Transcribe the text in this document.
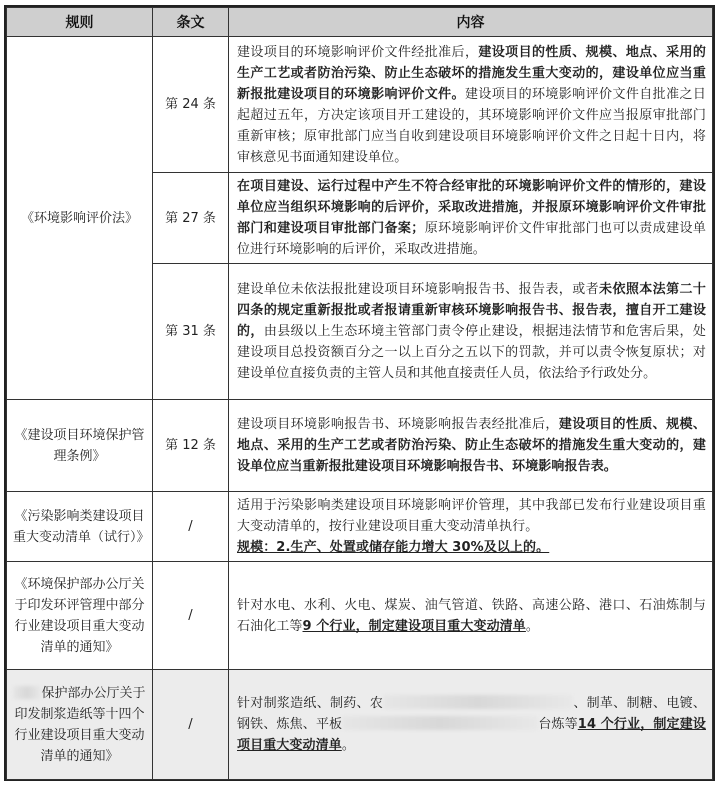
规则	条文	内容
《环境影响评价法》	第 24 条	建设项目的环境影响评价文件经批准后，建设项目的性质、规模、地点、采用的生产工艺或者防治污染、防止生态破坏的措施发生重大变动的，建设单位应当重新报批建设项目的环境影响评价文件。建设项目的环境影响评价文件自批准之日起超过五年，方决定该项目开工建设的，其环境影响评价文件应当报原审批部门重新审核；原审批部门应当自收到建设项目环境影响评价文件之日起十日内，将审核意见书面通知建设单位。
	第 27 条	在项目建设、运行过程中产生不符合经审批的环境影响评价文件的情形的，建设单位应当组织环境影响的后评价，采取改进措施，并报原环境影响评价文件审批部门和建设项目审批部门备案；原环境影响评价文件审批部门也可以责成建设单位进行环境影响的后评价，采取改进措施。
	第 31 条	建设单位未依法报批建设项目环境影响报告书、报告表，或者未依照本法第二十四条的规定重新报批或者报请重新审核环境影响报告书、报告表，擅自开工建设的，由县级以上生态环境主管部门责令停止建设，根据违法情节和危害后果，处建设项目总投资额百分之一以上百分之五以下的罚款，并可以责令恢复原状；对建设单位直接负责的主管人员和其他直接责任人员，依法给予行政处分。
《建设项目环境保护管理条例》	第 12 条	建设项目环境影响报告书、环境影响报告表经批准后，建设项目的性质、规模、地点、采用的生产工艺或者防治污染、防止生态破坏的措施发生重大变动的，建设单位应当重新报批建设项目环境影响报告书、环境影响报告表。
《污染影响类建设项目重大变动清单（试行）》	/	适用于污染影响类建设项目环境影响评价管理，其中我部已发布行业建设项目重大变动清单的，按行业建设项目重大变动清单执行。
规模：2.生产、处置或储存能力增大 30%及以上的。
《环境保护部办公厅关于印发环评管理中部分行业建设项目重大变动清单的通知》	/	针对水电、水利、火电、煤炭、油气管道、铁路、高速公路、港口、石油炼制与石油化工等9 个行业，制定建设项目重大变动清单。
保护部办公厅关于印发制浆造纸等十四个行业建设项目重大变动清单的通知》	/	针对制浆造纸、制药、农 、制革、制糖、电镀、钢铁、炼焦、平板 台炼等14 个行业，制定建设项目重大变动清单。
